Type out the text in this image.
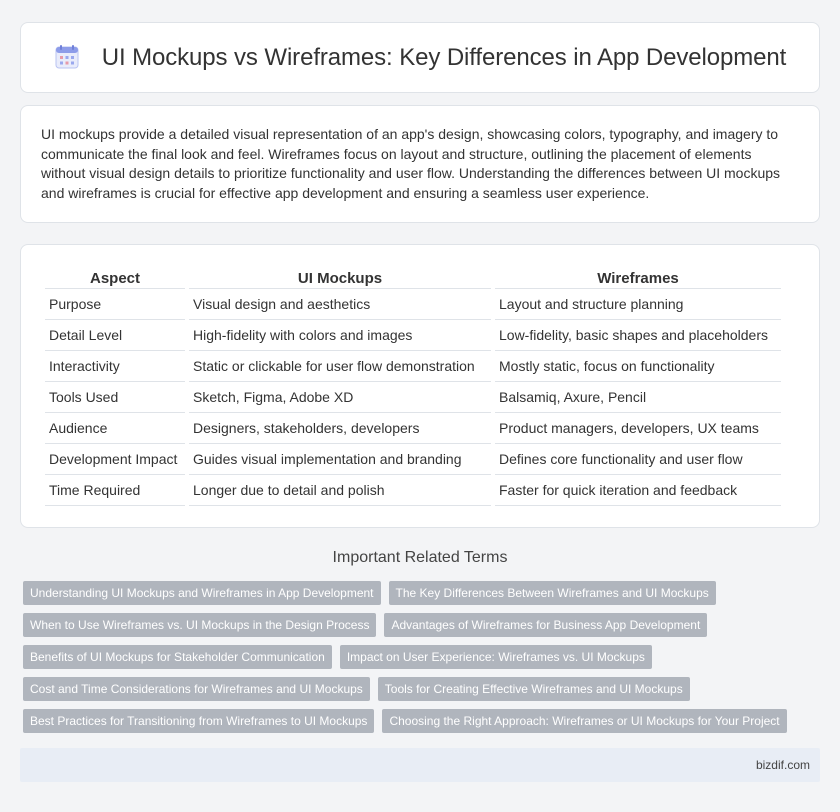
UI Mockups vs Wireframes: Key Differences in App Development

UI mockups provide a detailed visual representation of an app's design, showcasing colors, typography, and imagery to communicate the final look and feel. Wireframes focus on layout and structure, outlining the placement of elements without visual design details to prioritize functionality and user flow. Understanding the differences between UI mockups and wireframes is crucial for effective app development and ensuring a seamless user experience.

Aspect	UI Mockups	Wireframes
Purpose	Visual design and aesthetics	Layout and structure planning
Detail Level	High-fidelity with colors and images	Low-fidelity, basic shapes and placeholders
Interactivity	Static or clickable for user flow demonstration	Mostly static, focus on functionality
Tools Used	Sketch, Figma, Adobe XD	Balsamiq, Axure, Pencil
Audience	Designers, stakeholders, developers	Product managers, developers, UX teams
Development Impact	Guides visual implementation and branding	Defines core functionality and user flow
Time Required	Longer due to detail and polish	Faster for quick iteration and feedback
Important Related Terms
Understanding UI Mockups and Wireframes in App Development	The Key Differences Between Wireframes and UI Mockups
When to Use Wireframes vs. UI Mockups in the Design Process	Advantages of Wireframes for Business App Development
Benefits of UI Mockups for Stakeholder Communication	Impact on User Experience: Wireframes vs. UI Mockups
Cost and Time Considerations for Wireframes and UI Mockups	Tools for Creating Effective Wireframes and UI Mockups
Best Practices for Transitioning from Wireframes to UI Mockups	Choosing the Right Approach: Wireframes or UI Mockups for Your Project
bizdif.com
